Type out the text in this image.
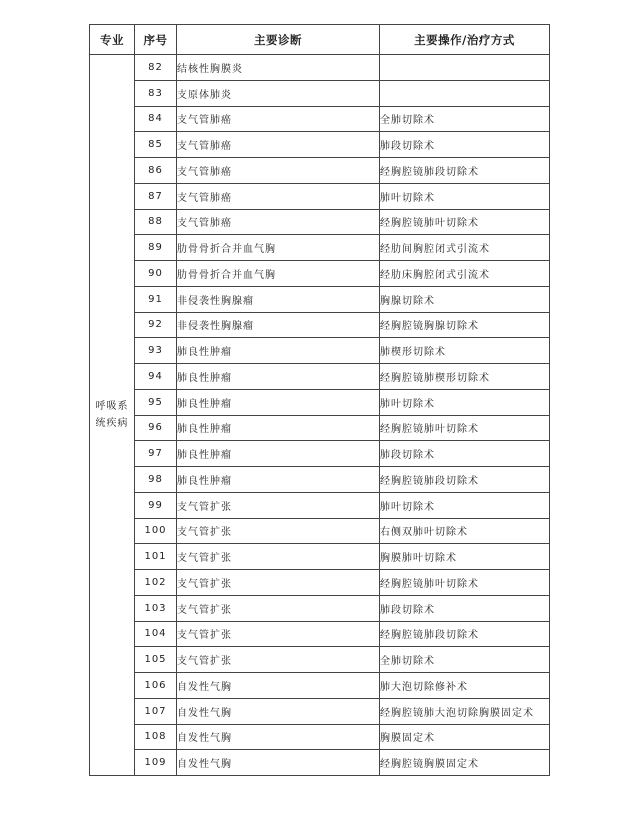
专业	序号	主要诊断	主要操作/治疗方式

呼吸系
统疾病	82	结核性胸膜炎	
	83	支原体肺炎	
	84	支气管肺癌	全肺切除术
	85	支气管肺癌	肺段切除术
	86	支气管肺癌	经胸腔镜肺段切除术
	87	支气管肺癌	肺叶切除术
	88	支气管肺癌	经胸腔镜肺叶切除术
	89	肋骨骨折合并血气胸	经肋间胸腔闭式引流术
	90	肋骨骨折合并血气胸	经肋床胸腔闭式引流术
	91	非侵袭性胸腺瘤	胸腺切除术
	92	非侵袭性胸腺瘤	经胸腔镜胸腺切除术
	93	肺良性肿瘤	肺楔形切除术
	94	肺良性肿瘤	经胸腔镜肺楔形切除术
	95	肺良性肿瘤	肺叶切除术
	96	肺良性肿瘤	经胸腔镜肺叶切除术
	97	肺良性肿瘤	肺段切除术
	98	肺良性肿瘤	经胸腔镜肺段切除术
	99	支气管扩张	肺叶切除术
	100	支气管扩张	右侧双肺叶切除术
	101	支气管扩张	胸膜肺叶切除术
	102	支气管扩张	经胸腔镜肺叶切除术
	103	支气管扩张	肺段切除术
	104	支气管扩张	经胸腔镜肺段切除术
	105	支气管扩张	全肺切除术
	106	自发性气胸	肺大泡切除修补术
	107	自发性气胸	经胸腔镜肺大泡切除胸膜固定术
	108	自发性气胸	胸膜固定术
	109	自发性气胸	经胸腔镜胸膜固定术
